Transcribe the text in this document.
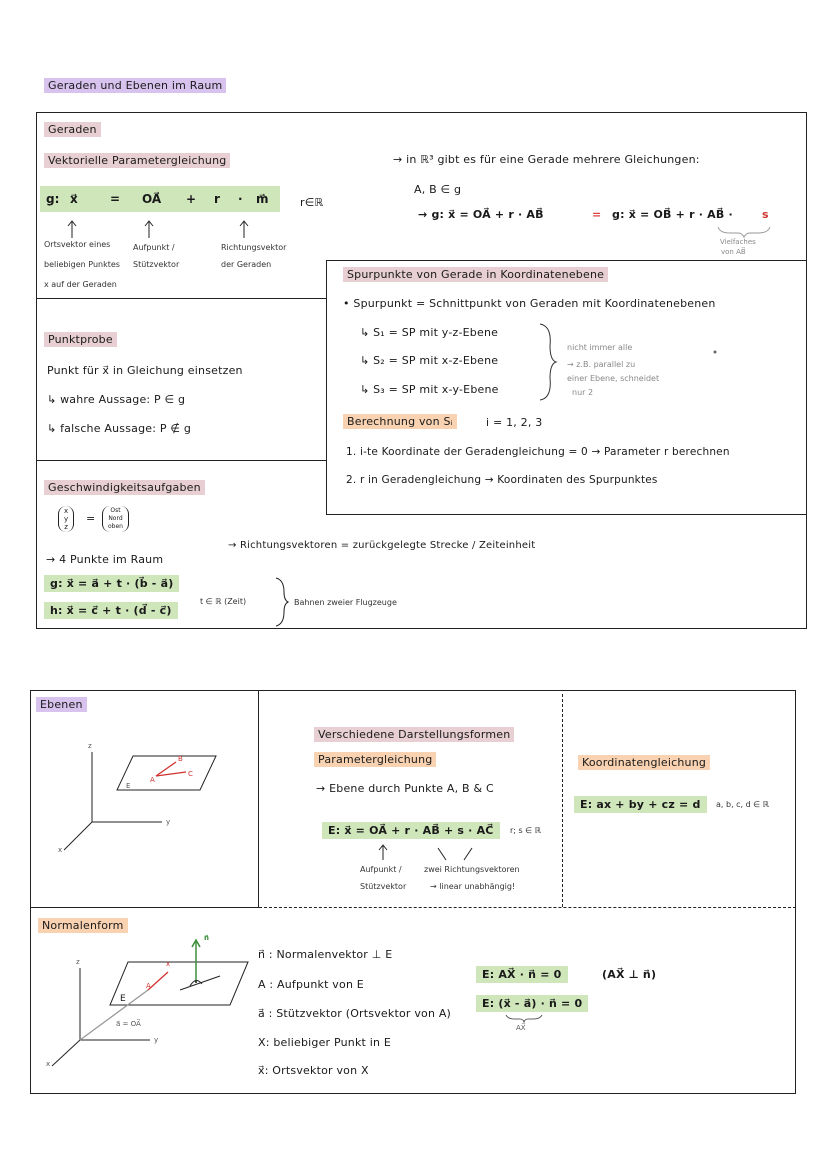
Geraden und Ebenen im Raum
Geraden
Vektorielle Parametergleichung
g: x⃗	= OA⃗ + r · m⃗	r∈ℝ
Ortsvektor eines
beliebigen Punktes
x auf der Geraden
Aufpunkt /
Stützvektor
Richtungsvektor
der Geraden
→ in ℝ³ gibt es für eine Gerade mehrere Gleichungen:
A, B ∈ g
→ g: x⃗ = OA⃗ + r · AB⃗	= g: x⃗ = OB⃗ + r · AB⃗ ·	s
Vielfaches
von AB⃗
Spurpunkte von Gerade in Koordinatenebene
• Spurpunkt = Schnittpunkt von Geraden mit Koordinatenebenen
↳ S₁ = SP mit y-z-Ebene
↳ S₂ = SP mit x-z-Ebene
↳ S₃ = SP mit x-y-Ebene
nicht immer alle
→ z.B. parallel zu
einer Ebene, schneidet
nur 2
Berechnung von Sᵢ	i = 1, 2, 3
1. i-te Koordinate der Geradengleichung = 0 → Parameter r berechnen
2. r in Geradengleichung → Koordinaten des Spurpunktes
Punktprobe
Punkt für x⃗ in Gleichung einsetzen
↳ wahre Aussage: P ∈ g
↳ falsche Aussage: P ∉ g
Geschwindigkeitsaufgaben
x
y
z
=
Ost
Nord
oben
→ Richtungsvektoren = zurückgelegte Strecke / Zeiteinheit
→ 4 Punkte im Raum
g: x⃗ = a⃗ + t · (b⃗ - a⃗)
h: x⃗ = c⃗ + t · (d⃗ - c⃗)
t ∈ ℝ (Zeit)	Bahnen zweier Flugzeuge
Ebenen
z
y
x
A
B
C
E
Verschiedene Darstellungsformen
Parametergleichung
→ Ebene durch Punkte A, B & C
E: x⃗ = OA⃗ + r · AB⃗ + s · AC⃗	r; s ∈ ℝ
Aufpunkt /
Stützvektor
zwei Richtungsvektoren
→ linear unabhängig!
Koordinatengleichung
E: ax + by + cz = d	a, b, c, d ∈ ℝ
Normalenform
z
y
x
n⃗
x
A
E
a⃗ = OA⃗
n⃗ : Normalenvektor ⊥ E
A : Aufpunkt von E
a⃗ : Stützvektor (Ortsvektor von A)
X: beliebiger Punkt in E
x⃗: Ortsvektor von X
E: AX⃗ · n⃗ = 0	(AX⃗ ⊥ n⃗)
E: (x⃗ - a⃗) · n⃗ = 0
AX⃗
